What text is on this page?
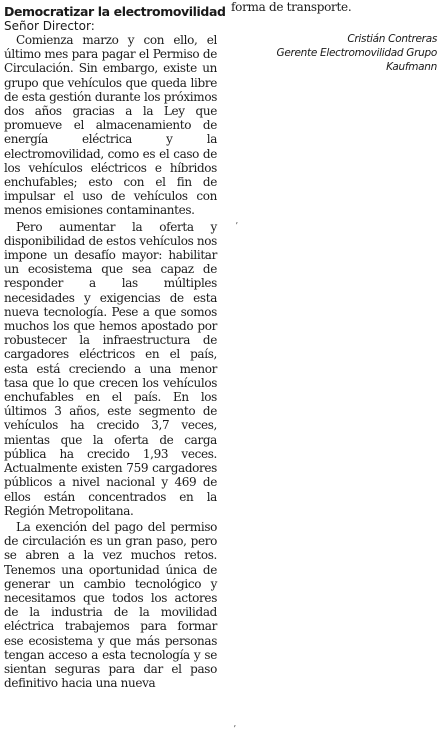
Democratizar la electromovilidad
Señor Director:

Comienza marzo y con ello, el último mes para pagar el Permiso de Circulación. Sin embargo, existe un grupo que vehículos que queda libre de esta gestión durante los próximos dos años gracias a la Ley que promueve el almacenamiento de energía eléctrica y la electromovilidad, como es el caso de los vehículos eléctricos e híbridos enchufables; esto con el fin de impulsar el uso de vehículos con menos emisiones contaminantes.

Pero aumentar la oferta y disponibilidad de estos vehículos nos impone un desafío mayor: habilitar un ecosistema que sea capaz de responder a las múltiples necesidades y exigencias de esta nueva tecnología. Pese a que somos muchos los que hemos apostado por robustecer la infraestructura de cargadores eléctricos en el país, esta está creciendo a una menor tasa que lo que crecen los vehículos enchufables en el país. En los últimos 3 años, este segmento de vehículos ha crecido 3,7 veces, mientas que la oferta de carga pública ha crecido 1,93 veces. Actualmente existen 759 cargadores públicos a nivel nacional y 469 de ellos están concentrados en la Región Metropolitana.

La exención del pago del permiso de circulación es un gran paso, pero se abren a la vez muchos retos. Tenemos una oportunidad única de generar un cambio tecnológico y necesitamos que todos los actores de la industria de la movilidad eléctrica trabajemos para formar ese ecosistema y que más personas tengan acceso a esta tecnología y se sientan seguras para dar el paso definitivo hacia una nueva

forma de transporte.

Cristián Contreras
Gerente Electromovilidad Grupo
Kaufmann
ʼ
ʼ
